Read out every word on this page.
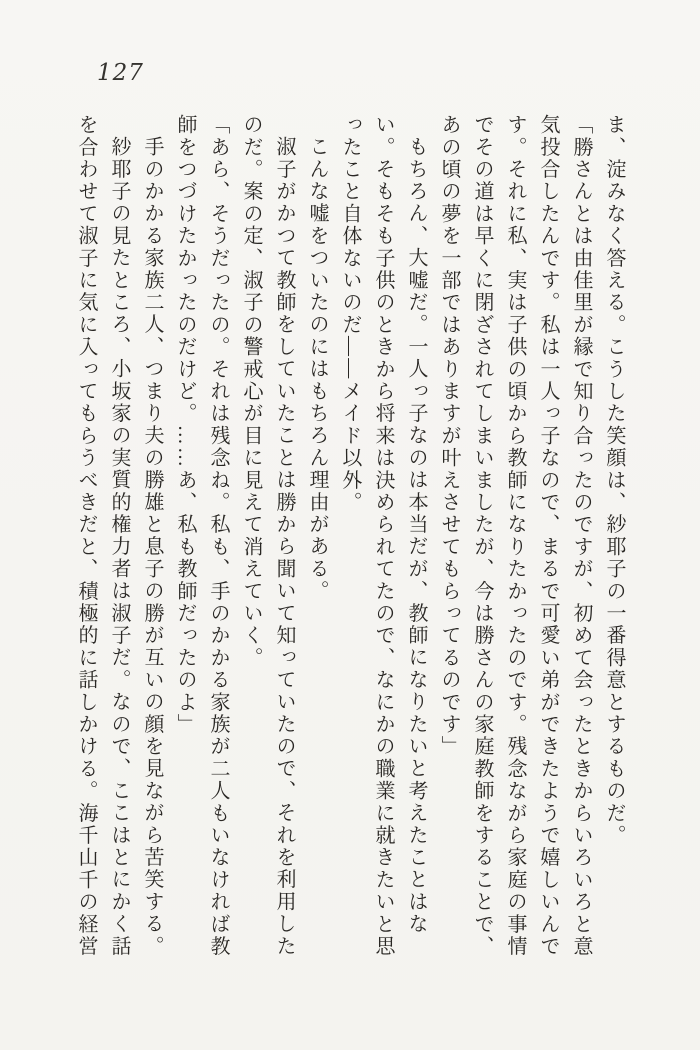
127

ま、淀みなく答える。こうした笑顔は、紗耶子の一番得意とするものだ。

「勝さんとは由佳里が縁で知り合ったのですが、初めて会ったときからいろいろと意気投合したんです。私は一人っ子なので、まるで可愛い弟ができたようで嬉しいんです。それに私、実は子供の頃から教師になりたかったのです。残念ながら家庭の事情でその道は早くに閉ざされてしまいましたが、今は勝さんの家庭教師をすることで、あの頃の夢を一部ではありますが叶えさせてもらってるのです」

もちろん、大嘘だ。一人っ子なのは本当だが、教師になりたいと考えたことはない。そもそも子供のときから将来は決められてたので、なにかの職業に就きたいと思ったこと自体ないのだ――メイド以外。

こんな嘘をついたのにはもちろん理由がある。

淑子がかつて教師をしていたことは勝から聞いて知っていたので、それを利用したのだ。案の定、淑子の警戒心が目に見えて消えていく。

「あら、そうだったの。それは残念ね。私も、手のかかる家族が二人もいなければ教師をつづけたかったのだけど。……あ、私も教師だったのよ」

手のかかる家族二人、つまり夫の勝雄と息子の勝が互いの顔を見ながら苦笑する。

紗耶子の見たところ、小坂家の実質的権力者は淑子だ。なので、ここはとにかく話を合わせて淑子に気に入ってもらうべきだと、積極的に話しかける。海千山千の経営
